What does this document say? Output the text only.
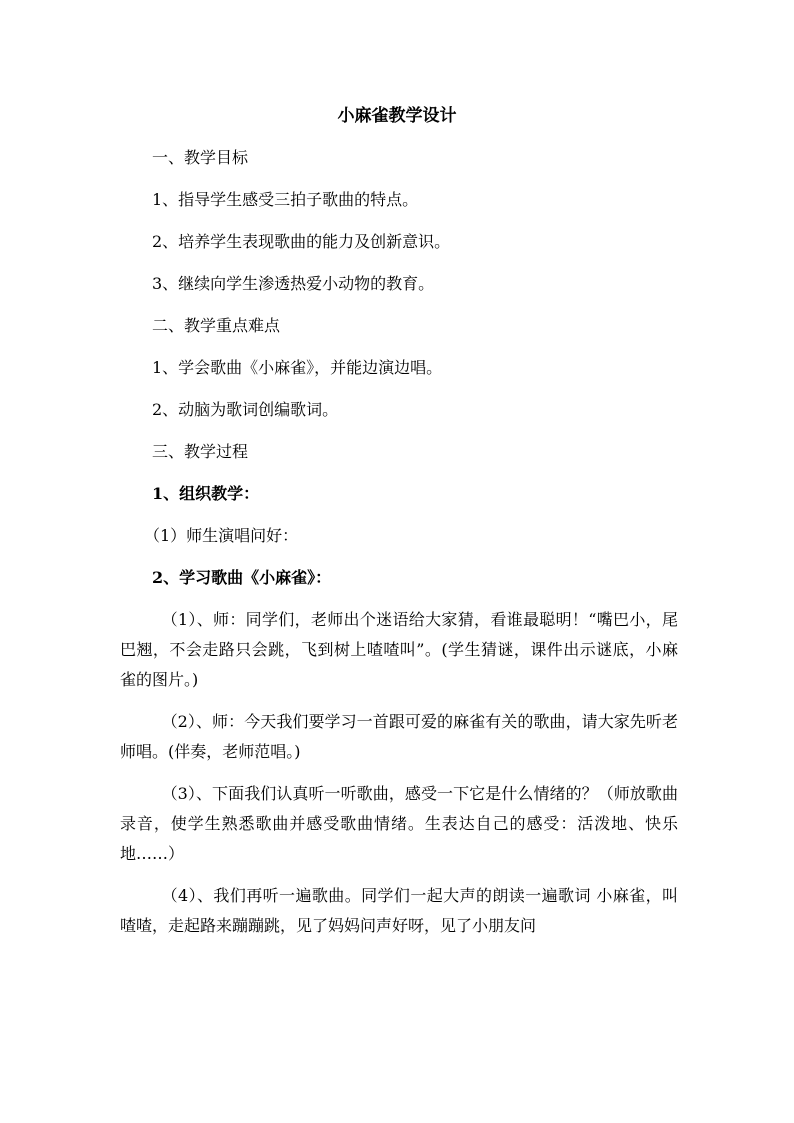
小麻雀教学设计

一、教学目标

1、指导学生感受三拍子歌曲的特点。

2、培养学生表现歌曲的能力及创新意识。

3、继续向学生渗透热爱小动物的教育。

二、教学重点难点

1、学会歌曲《小麻雀》，并能边演边唱。

2、动脑为歌词创编歌词。

三、教学过程

1、组织教学：

（1）师生演唱问好：

2、学习歌曲《小麻雀》：

（1）、师：同学们，老师出个迷语给大家猜，看谁最聪明！“嘴巴小，尾巴翘，不会走路只会跳，飞到树上喳喳叫”。(学生猜谜，课件出示谜底，小麻雀的图片。)

（2）、师：今天我们要学习一首跟可爱的麻雀有关的歌曲，请大家先听老师唱。(伴奏，老师范唱。)

（3）、下面我们认真听一听歌曲，感受一下它是什么情绪的？（师放歌曲录音，使学生熟悉歌曲并感受歌曲情绪。生表达自己的感受：活泼地、快乐地……）

（4）、我们再听一遍歌曲。同学们一起大声的朗读一遍歌词 小麻雀，叫喳喳，走起路来蹦蹦跳，见了妈妈问声好呀，见了小朋友问
